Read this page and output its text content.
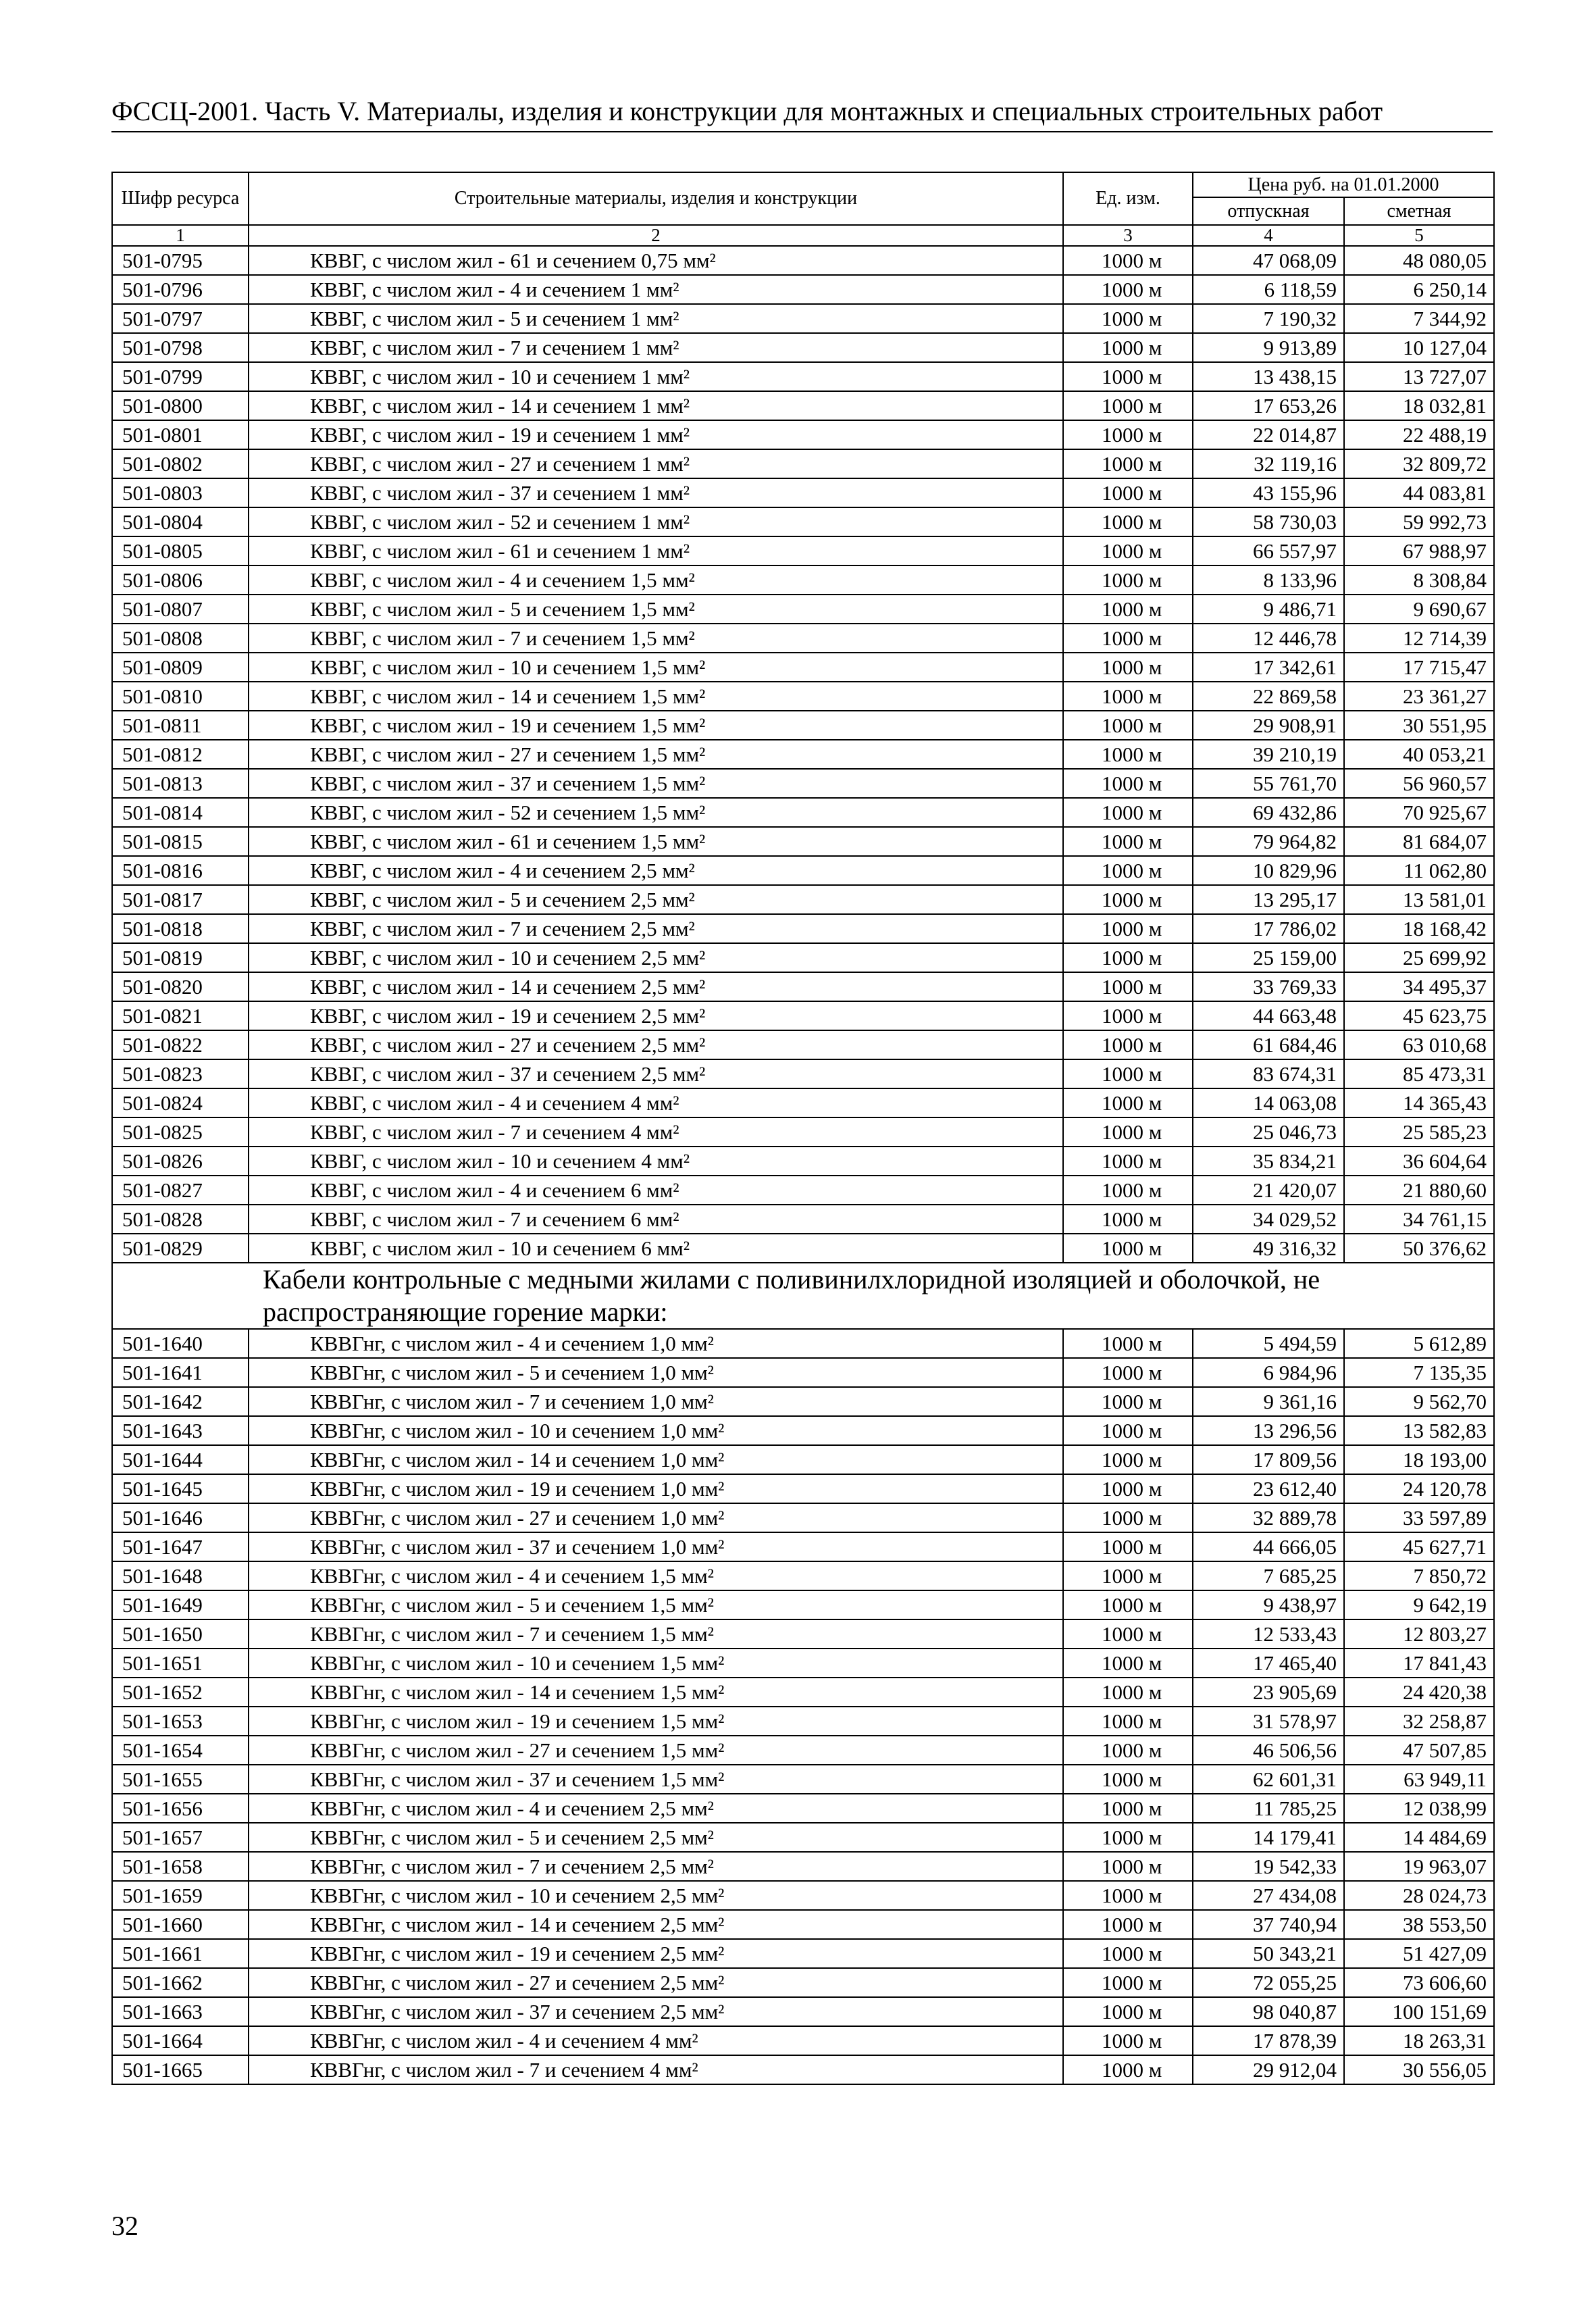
ФССЦ-2001. Часть V. Материалы, изделия и конструкции для монтажных и специальных строительных работ
Шифр ресурса	Строительные материалы, изделия и конструкции	Ед. изм.	Цена руб. на 01.01.2000	
			отпускная	сметная
1	2	3	4	5
501-0795	КВВГ, с числом жил - 61 и сечением 0,75 мм²	1000 м	47 068,09	48 080,05
501-0796	КВВГ, с числом жил - 4 и сечением 1 мм²	1000 м	6 118,59	6 250,14
501-0797	КВВГ, с числом жил - 5 и сечением 1 мм²	1000 м	7 190,32	7 344,92
501-0798	КВВГ, с числом жил - 7 и сечением 1 мм²	1000 м	9 913,89	10 127,04
501-0799	КВВГ, с числом жил - 10 и сечением 1 мм²	1000 м	13 438,15	13 727,07
501-0800	КВВГ, с числом жил - 14 и сечением 1 мм²	1000 м	17 653,26	18 032,81
501-0801	КВВГ, с числом жил - 19 и сечением 1 мм²	1000 м	22 014,87	22 488,19
501-0802	КВВГ, с числом жил - 27 и сечением 1 мм²	1000 м	32 119,16	32 809,72
501-0803	КВВГ, с числом жил - 37 и сечением 1 мм²	1000 м	43 155,96	44 083,81
501-0804	КВВГ, с числом жил - 52 и сечением 1 мм²	1000 м	58 730,03	59 992,73
501-0805	КВВГ, с числом жил - 61 и сечением 1 мм²	1000 м	66 557,97	67 988,97
501-0806	КВВГ, с числом жил - 4 и сечением 1,5 мм²	1000 м	8 133,96	8 308,84
501-0807	КВВГ, с числом жил - 5 и сечением 1,5 мм²	1000 м	9 486,71	9 690,67
501-0808	КВВГ, с числом жил - 7 и сечением 1,5 мм²	1000 м	12 446,78	12 714,39
501-0809	КВВГ, с числом жил - 10 и сечением 1,5 мм²	1000 м	17 342,61	17 715,47
501-0810	КВВГ, с числом жил - 14 и сечением 1,5 мм²	1000 м	22 869,58	23 361,27
501-0811	КВВГ, с числом жил - 19 и сечением 1,5 мм²	1000 м	29 908,91	30 551,95
501-0812	КВВГ, с числом жил - 27 и сечением 1,5 мм²	1000 м	39 210,19	40 053,21
501-0813	КВВГ, с числом жил - 37 и сечением 1,5 мм²	1000 м	55 761,70	56 960,57
501-0814	КВВГ, с числом жил - 52 и сечением 1,5 мм²	1000 м	69 432,86	70 925,67
501-0815	КВВГ, с числом жил - 61 и сечением 1,5 мм²	1000 м	79 964,82	81 684,07
501-0816	КВВГ, с числом жил - 4 и сечением 2,5 мм²	1000 м	10 829,96	11 062,80
501-0817	КВВГ, с числом жил - 5 и сечением 2,5 мм²	1000 м	13 295,17	13 581,01
501-0818	КВВГ, с числом жил - 7 и сечением 2,5 мм²	1000 м	17 786,02	18 168,42
501-0819	КВВГ, с числом жил - 10 и сечением 2,5 мм²	1000 м	25 159,00	25 699,92
501-0820	КВВГ, с числом жил - 14 и сечением 2,5 мм²	1000 м	33 769,33	34 495,37
501-0821	КВВГ, с числом жил - 19 и сечением 2,5 мм²	1000 м	44 663,48	45 623,75
501-0822	КВВГ, с числом жил - 27 и сечением 2,5 мм²	1000 м	61 684,46	63 010,68
501-0823	КВВГ, с числом жил - 37 и сечением 2,5 мм²	1000 м	83 674,31	85 473,31
501-0824	КВВГ, с числом жил - 4 и сечением 4 мм²	1000 м	14 063,08	14 365,43
501-0825	КВВГ, с числом жил - 7 и сечением 4 мм²	1000 м	25 046,73	25 585,23
501-0826	КВВГ, с числом жил - 10 и сечением 4 мм²	1000 м	35 834,21	36 604,64
501-0827	КВВГ, с числом жил - 4 и сечением 6 мм²	1000 м	21 420,07	21 880,60
501-0828	КВВГ, с числом жил - 7 и сечением 6 мм²	1000 м	34 029,52	34 761,15
501-0829	КВВГ, с числом жил - 10 и сечением 6 мм²	1000 м	49 316,32	50 376,62
Кабели контрольные с медными жилами с поливинилхлоридной изоляцией и оболочкой, не распространяющие горение марки:				
501-1640	КВВГнг, с числом жил - 4 и сечением 1,0 мм²	1000 м	5 494,59	5 612,89
501-1641	КВВГнг, с числом жил - 5 и сечением 1,0 мм²	1000 м	6 984,96	7 135,35
501-1642	КВВГнг, с числом жил - 7 и сечением 1,0 мм²	1000 м	9 361,16	9 562,70
501-1643	КВВГнг, с числом жил - 10 и сечением 1,0 мм²	1000 м	13 296,56	13 582,83
501-1644	КВВГнг, с числом жил - 14 и сечением 1,0 мм²	1000 м	17 809,56	18 193,00
501-1645	КВВГнг, с числом жил - 19 и сечением 1,0 мм²	1000 м	23 612,40	24 120,78
501-1646	КВВГнг, с числом жил - 27 и сечением 1,0 мм²	1000 м	32 889,78	33 597,89
501-1647	КВВГнг, с числом жил - 37 и сечением 1,0 мм²	1000 м	44 666,05	45 627,71
501-1648	КВВГнг, с числом жил - 4 и сечением 1,5 мм²	1000 м	7 685,25	7 850,72
501-1649	КВВГнг, с числом жил - 5 и сечением 1,5 мм²	1000 м	9 438,97	9 642,19
501-1650	КВВГнг, с числом жил - 7 и сечением 1,5 мм²	1000 м	12 533,43	12 803,27
501-1651	КВВГнг, с числом жил - 10 и сечением 1,5 мм²	1000 м	17 465,40	17 841,43
501-1652	КВВГнг, с числом жил - 14 и сечением 1,5 мм²	1000 м	23 905,69	24 420,38
501-1653	КВВГнг, с числом жил - 19 и сечением 1,5 мм²	1000 м	31 578,97	32 258,87
501-1654	КВВГнг, с числом жил - 27 и сечением 1,5 мм²	1000 м	46 506,56	47 507,85
501-1655	КВВГнг, с числом жил - 37 и сечением 1,5 мм²	1000 м	62 601,31	63 949,11
501-1656	КВВГнг, с числом жил - 4 и сечением 2,5 мм²	1000 м	11 785,25	12 038,99
501-1657	КВВГнг, с числом жил - 5 и сечением 2,5 мм²	1000 м	14 179,41	14 484,69
501-1658	КВВГнг, с числом жил - 7 и сечением 2,5 мм²	1000 м	19 542,33	19 963,07
501-1659	КВВГнг, с числом жил - 10 и сечением 2,5 мм²	1000 м	27 434,08	28 024,73
501-1660	КВВГнг, с числом жил - 14 и сечением 2,5 мм²	1000 м	37 740,94	38 553,50
501-1661	КВВГнг, с числом жил - 19 и сечением 2,5 мм²	1000 м	50 343,21	51 427,09
501-1662	КВВГнг, с числом жил - 27 и сечением 2,5 мм²	1000 м	72 055,25	73 606,60
501-1663	КВВГнг, с числом жил - 37 и сечением 2,5 мм²	1000 м	98 040,87	100 151,69
501-1664	КВВГнг, с числом жил - 4 и сечением 4 мм²	1000 м	17 878,39	18 263,31
501-1665	КВВГнг, с числом жил - 7 и сечением 4 мм²	1000 м	29 912,04	30 556,05
32
